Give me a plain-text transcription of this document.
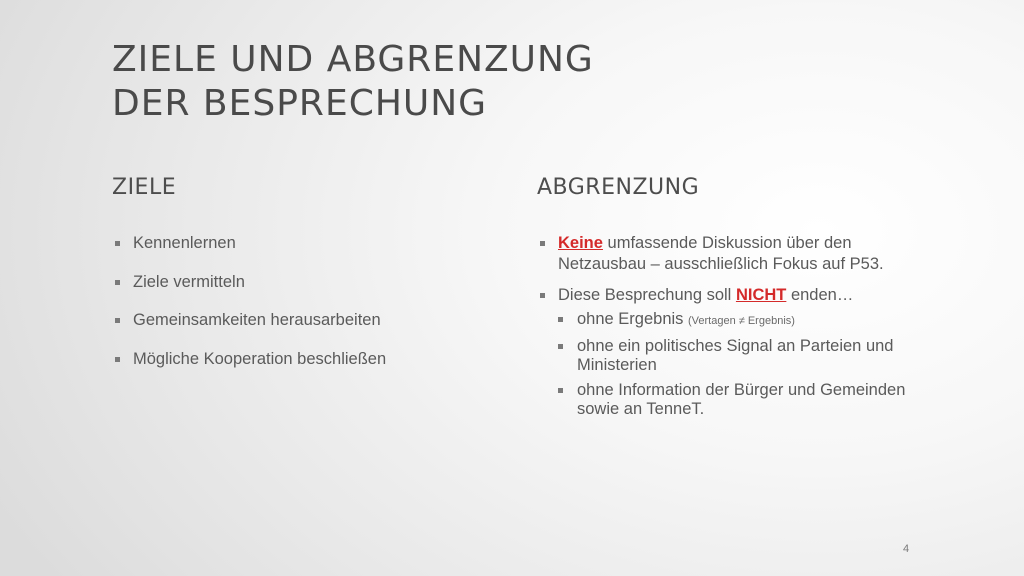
ZIELE UND ABGRENZUNG
DER BESPRECHUNG
ZIELE
Kennenlernen
Ziele vermitteln
Gemeinsamkeiten herausarbeiten
Mögliche Kooperation beschließen
ABGRENZUNG
Keine umfassende Diskussion über den Netzausbau – ausschließlich Fokus auf P53.
Diese Besprechung soll NICHT enden…
ohne Ergebnis (Vertagen ≠ Ergebnis)
ohne ein politisches Signal an Parteien und Ministerien
ohne Information der Bürger und Gemeinden sowie an TenneT.
4
